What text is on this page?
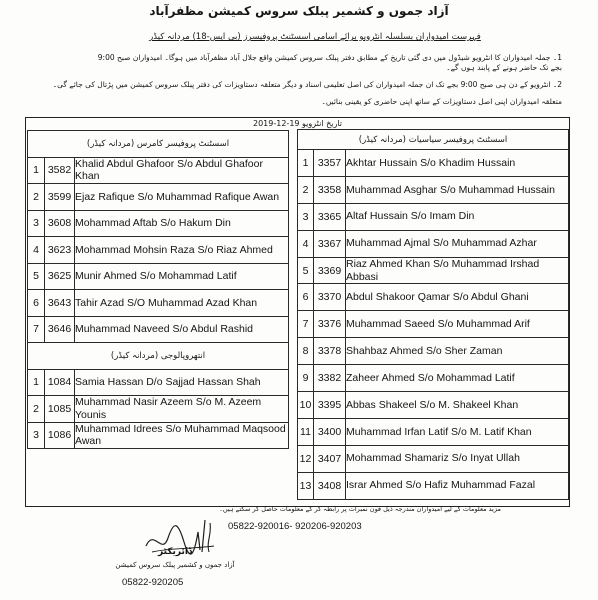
آزاد جموں و کشمیر پبلک سروس کمیشن مظفرآباد
فہرست امیدواران بسلسلہ انٹرویو برائے اسامی اسسٹنٹ پروفیسرز (بی ایس-18) مردانہ کیڈر
1۔ جملہ امیدواران کا انٹرویو شیڈول میں دی گئی تاریخ کے مطابق دفتر پبلک سروس کمیشن واقع جلال آباد مظفرآباد میں ہوگا۔ امیدواران صبح 9:00 بجے تک حاضر ہونے کے پابند ہوں گے۔
2۔ انٹرویو کے دن ہی صبح 9:00 بجے تک ان جملہ امیدواران کی اصل تعلیمی اسناد و دیگر متعلقہ دستاویزات کی دفتر پبلک سروس کمیشن میں پڑتال کی جائے گی۔
متعلقہ امیدواران اپنی اصل دستاویزات کے ساتھ اپنی حاضری کو یقینی بنائیں۔
تاریخ انٹرویو 19-12-2019
اسسٹنٹ پروفیسر کامرس (مردانہ کیڈر)		
1	3582	Khalid Abdul Ghafoor S/o Abdul Ghafoor Khan
2	3599	Ejaz Rafique S/o Muhammad Rafique Awan
3	3608	Mohammad Aftab S/o Hakum Din
4	3623	Mohammad Mohsin Raza S/o Riaz Ahmed
5	3625	Munir Ahmed S/o Mohammad Latif
6	3643	Tahir Azad S/O Muhammad Azad Khan
7	3646	Muhammad Naveed S/o Abdul Rashid
انتھروپالوجی (مردانہ کیڈر)		
1	1084	Samia Hassan D/o Sajjad Hassan Shah
2	1085	Muhammad Nasir Azeem S/o M. Azeem Younis
3	1086	Muhammad Idrees S/o Muhammad Maqsood Awan
اسسٹنٹ پروفیسر سیاسیات (مردانہ کیڈر)		
1	3357	Akhtar Hussain S/o Khadim Hussain
2	3358	Muhammad Asghar S/o Muhammad Hussain
3	3365	Altaf Hussain S/o Imam Din
4	3367	Muhammad Ajmal S/o Muhammad Azhar
5	3369	Riaz Ahmed Khan S/o Muhammad Irshad Abbasi
6	3370	Abdul Shakoor Qamar S/o Abdul Ghani
7	3376	Muhammad Saeed S/o Muhammad Arif
8	3378	Shahbaz Ahmed S/o Sher Zaman
9	3382	Zaheer Ahmed S/o Mohammad Latif
10	3395	Abbas Shakeel S/o M. Shakeel Khan
11	3400	Muhammad Irfan Latif S/o M. Latif Khan
12	3407	Mohammad Shamariz S/o Inyat Ullah
13	3408	Israr Ahmed S/o Hafiz Muhammad Fazal
مزید معلومات کے لیے امیدواران مندرجہ ذیل فون نمبرات پر رابطہ کر کے معلومات حاصل کر سکتے ہیں۔
05822-920016- 920206-920203
ڈائریکٹر
آزاد جموں و کشمیر پبلک سروس کمیشن
05822-920205
